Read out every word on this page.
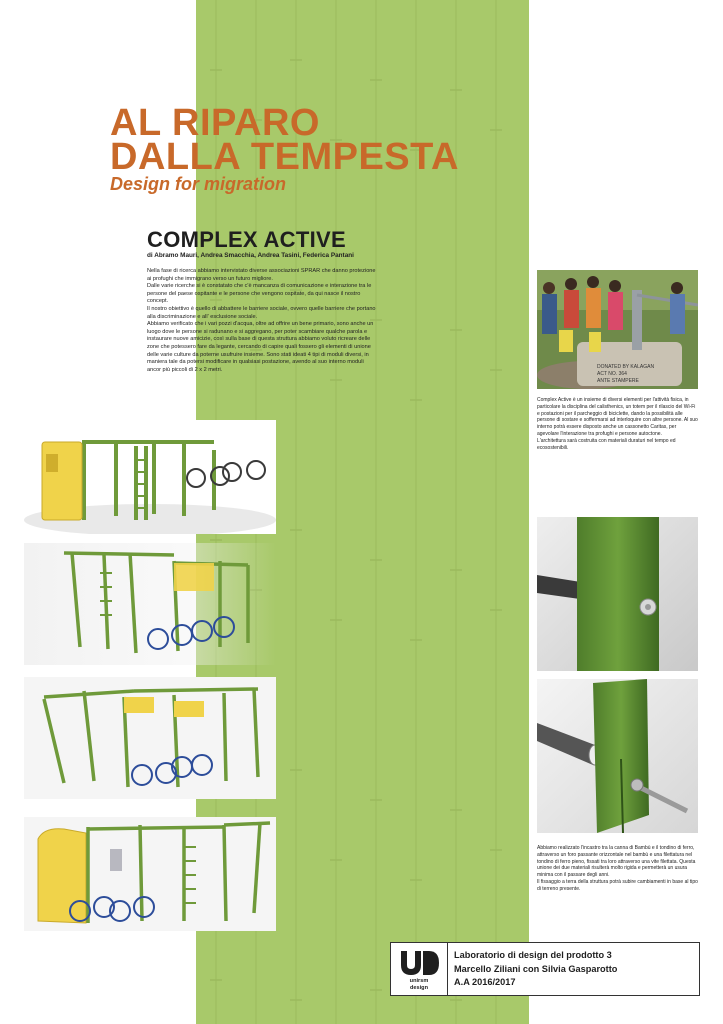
AL RIPARO
DALLA TEMPESTA

Design for migration

COMPLEX ACTIVE
di Abramo Mauri, Andrea Smacchia, Andrea Tasini, Federica Pantani

Nella fase di ricerca abbiamo intervistato diverse associazioni SPRAR che danno protezione ai profughi che immigrano verso un futuro migliore.

Dalle varie ricerche si è constatato che c'è mancanza di comunicazione e interazione tra le persone del paese ospitante e le persone che vengono ospitate, da qui nasce il nostro concept.

Il nostro obiettivo è quello di abbattere le barriere sociale, ovvero quelle barriere che portano alla discriminazione e all' esclusione sociale.

Abbiamo verificato che i vari pozzi d'acqua, oltre ad offrire un bene primario, sono anche un luogo dove le persone si radunano e si aggregano, per poter scambiare qualche parola e instaurare nuove amicizie, così sulla base di questa struttura abbiamo voluto ricreare delle zone che potessero fare da legante, cercando di capire quali fossero gli elementi di unione delle varie culture da poterne usufruire insieme. Sono stati ideati 4 tipi di moduli diversi, in maniera tale da potersi modificare in qualsiasi postazione, avendo al suo interno moduli ancor più piccoli di 2 x 2 metri.	DONATED BY KALAGAN
ACT NO. 364
ANTE STAMPERE

Complex Active è un insieme di diversi elementi per l'attività fisica, in particolare la disciplina del calisthenics, un totem per il rilascio del Wi-Fi e postazioni per il parcheggio di biciclette, dando la possibilità alle persone di sostare e soffermarsi ad interloquire con altre persone. Al suo interno potrà essere disposto anche un cassonetto Caritas, per agevolare l'interazione tra profughi e persone autoctone.

L'architettura sarà costruita con materiali duraturi nel tempo ed ecosostenibili.

Abbiamo realizzato l'incastro tra la canna di Bambù e il tondino di ferro, attraverso un foro passante orizzontale nel bambù e una filettatura nel tondino di ferro pieno, fissati tra loro attraverso una vite filettata. Questa unione dei due materiali risulterà molto rigida e permetterà un usura minima con il passare degli anni.

Il fissaggio a terra della struttura potrà subire cambiamenti in base al tipo di terreno presente.

unirsm
design
Laboratorio di design del prodotto 3
Marcello Ziliani con Silvia Gasparotto
A.A 2016/2017
